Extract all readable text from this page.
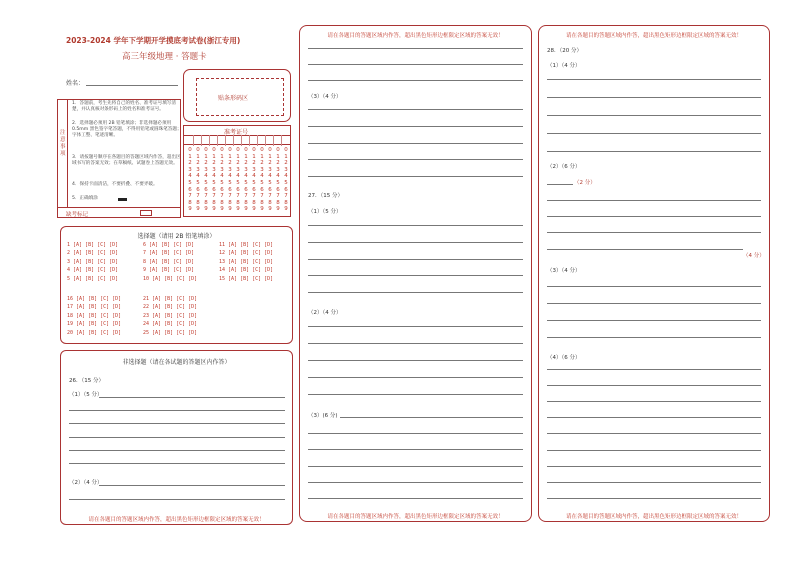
2023-2024 学年下学期开学摸底考试卷(浙江专用)
高三年级地理 · 答题卡
姓名：
贴条形码区
注意事项
1．答题前，考生先将自己的姓名、准考证号填写清楚，并认真核对条形码上的姓名和准考证号。
2．选择题必须用 2B 铅笔填涂；非选择题必须用 0.5mm 黑色签字笔答题，不得用铅笔或圆珠笔答题；字体工整、笔迹清晰。
3．请按题号顺序在各题目的答题区域内作答，超出区域书写的答案无效；在草稿纸、试题卷上答题无效。
4．保持卡面清洁，不要折叠、不要弄破。
5．正确填涂
准考证号
0
1
2
3
4
5
6
7
8
9
0
1
2
3
4
5
6
7
8
9
0
1
2
3
4
5
6
7
8
9
0
1
2
3
4
5
6
7
8
9
0
1
2
3
4
5
6
7
8
9
0
1
2
3
4
5
6
7
8
9
0
1
2
3
4
5
6
7
8
9
0
1
2
3
4
5
6
7
8
9
0
1
2
3
4
5
6
7
8
9
0
1
2
3
4
5
6
7
8
9
0
1
2
3
4
5
6
7
8
9
0
1
2
3
4
5
6
7
8
9
0
1
2
3
4
5
6
7
8
9
缺考标记
选择题（请用 2B 铅笔填涂）
1 [A] [B] [C] [D]
2 [A] [B] [C] [D]
3 [A] [B] [C] [D]
4 [A] [B] [C] [D]
5 [A] [B] [C] [D]
6 [A] [B] [C] [D]
7 [A] [B] [C] [D]
8 [A] [B] [C] [D]
9 [A] [B] [C] [D]
10 [A] [B] [C] [D]
11 [A] [B] [C] [D]
12 [A] [B] [C] [D]
13 [A] [B] [C] [D]
14 [A] [B] [C] [D]
15 [A] [B] [C] [D]
16 [A] [B] [C] [D]
17 [A] [B] [C] [D]
18 [A] [B] [C] [D]
19 [A] [B] [C] [D]
20 [A] [B] [C] [D]
21 [A] [B] [C] [D]
22 [A] [B] [C] [D]
23 [A] [B] [C] [D]
24 [A] [B] [C] [D]
25 [A] [B] [C] [D]
非选择题（请在各试题的答题区内作答）
26．（15 分）
（1）（5 分）
（2）（4 分）
请在各题目的答题区域内作答，超出黑色矩形边框限定区域的答案无效！
请在各题目的答题区域内作答，超出黑色矩形边框限定区域的答案无效！
（3）（4 分）
27．（15 分）
（1）（5 分）
（2）（4 分）
（3）(6 分)
请在各题目的答题区域内作答，超出黑色矩形边框限定区域的答案无效！
请在各题目的答题区域内作答，超出黑色矩形边框限定区域的答案无效！
28．（20 分）
（1）（4 分）
（2）（6 分）
（2 分）
（4 分）
（3）（4 分）
（4）（6 分）
请在各题目的答题区域内作答，超出黑色矩形边框限定区域的答案无效！
